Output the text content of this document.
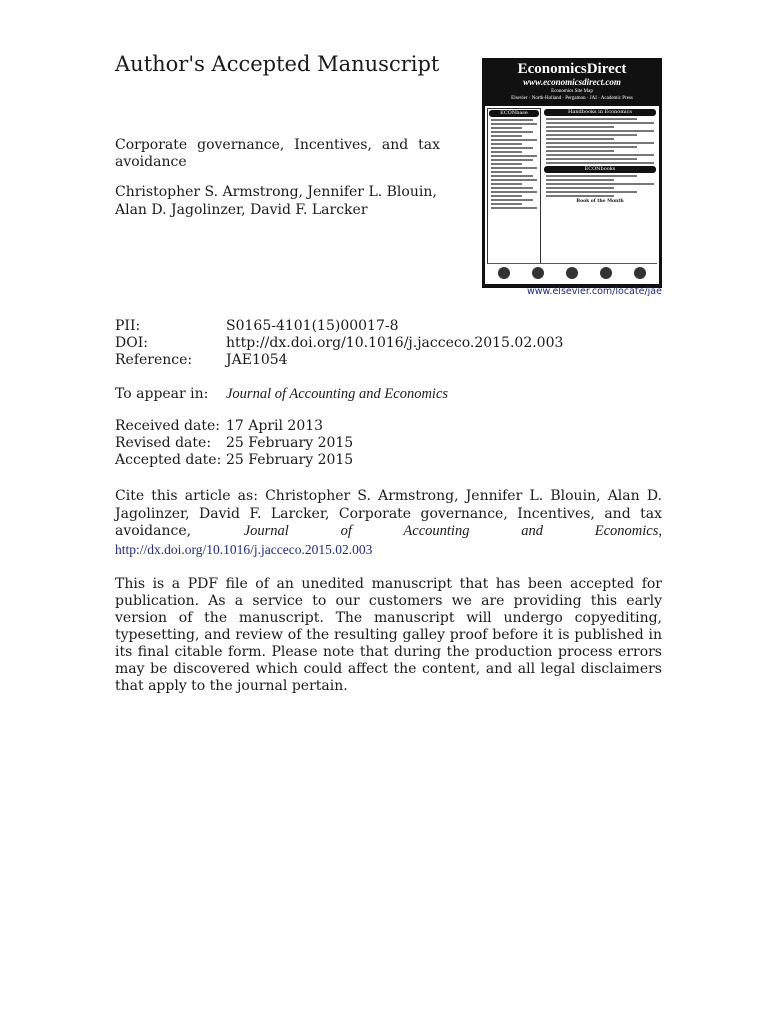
Author's Accepted Manuscript
Corporate governance, Incentives, and tax avoidance
Christopher S. Armstrong, Jennifer L. Blouin,
Alan D. Jagolinzer, David F. Larcker
EconomicsDirect
www.economicsdirect.com
Economics Site Map
Elsevier · North-Holland · Pergamon · JAI · Academic Press
ECONbase	Handbooks in Economics
ECONbooks
Book of the Month
www.elsevier.com/locate/jae
PII:	S0165-4101(15)00017-8
DOI:	http://dx.doi.org/10.1016/j.jacceco.2015.02.003
Reference: JAE1054
To appear in: Journal of Accounting and Economics
Received date: 17 April 2013
Revised date: 25 February 2015
Accepted date: 25 February 2015
Cite this article as: Christopher S. Armstrong, Jennifer L. Blouin, Alan D. Jagolinzer, David F. Larcker, Corporate governance, Incentives, and tax avoidance,	Journal of Accounting and Economics, http://dx.doi.org/10.1016/j.jacceco.2015.02.003
This is a PDF file of an unedited manuscript that has been accepted for publication. As a service to our customers we are providing this early version of the manuscript. The manuscript will undergo copyediting, typesetting, and review of the resulting galley proof before it is published in its final citable form. Please note that during the production process errors may be discovered which could affect the content, and all legal disclaimers that apply to the journal pertain.
